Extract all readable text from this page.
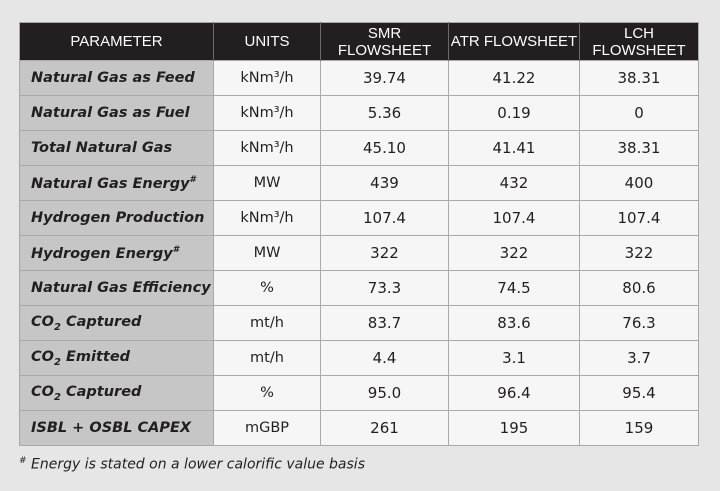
PARAMETER	UNITS	SMR FLOWSHEET	ATR FLOWSHEET	LCH FLOWSHEET
Natural Gas as Feed	kNm³/h	39.74	41.22	38.31
Natural Gas as Fuel	kNm³/h	5.36	0.19	0
Total Natural Gas	kNm³/h	45.10	41.41	38.31
Natural Gas Energy#	MW	439	432	400
Hydrogen Production	kNm³/h	107.4	107.4	107.4
Hydrogen Energy#	MW	322	322	322
Natural Gas Efficiency	%	73.3	74.5	80.6
$CO_2$ Captured	mt/h	83.7	83.6	76.3
$CO_2$ Emitted	mt/h	4.4	3.1	3.7
$CO_2$ Captured	%	95.0	96.4	95.4
ISBL + OSBL CAPEX	mGBP	261	195	159
# Energy is stated on a lower calorific value basis
